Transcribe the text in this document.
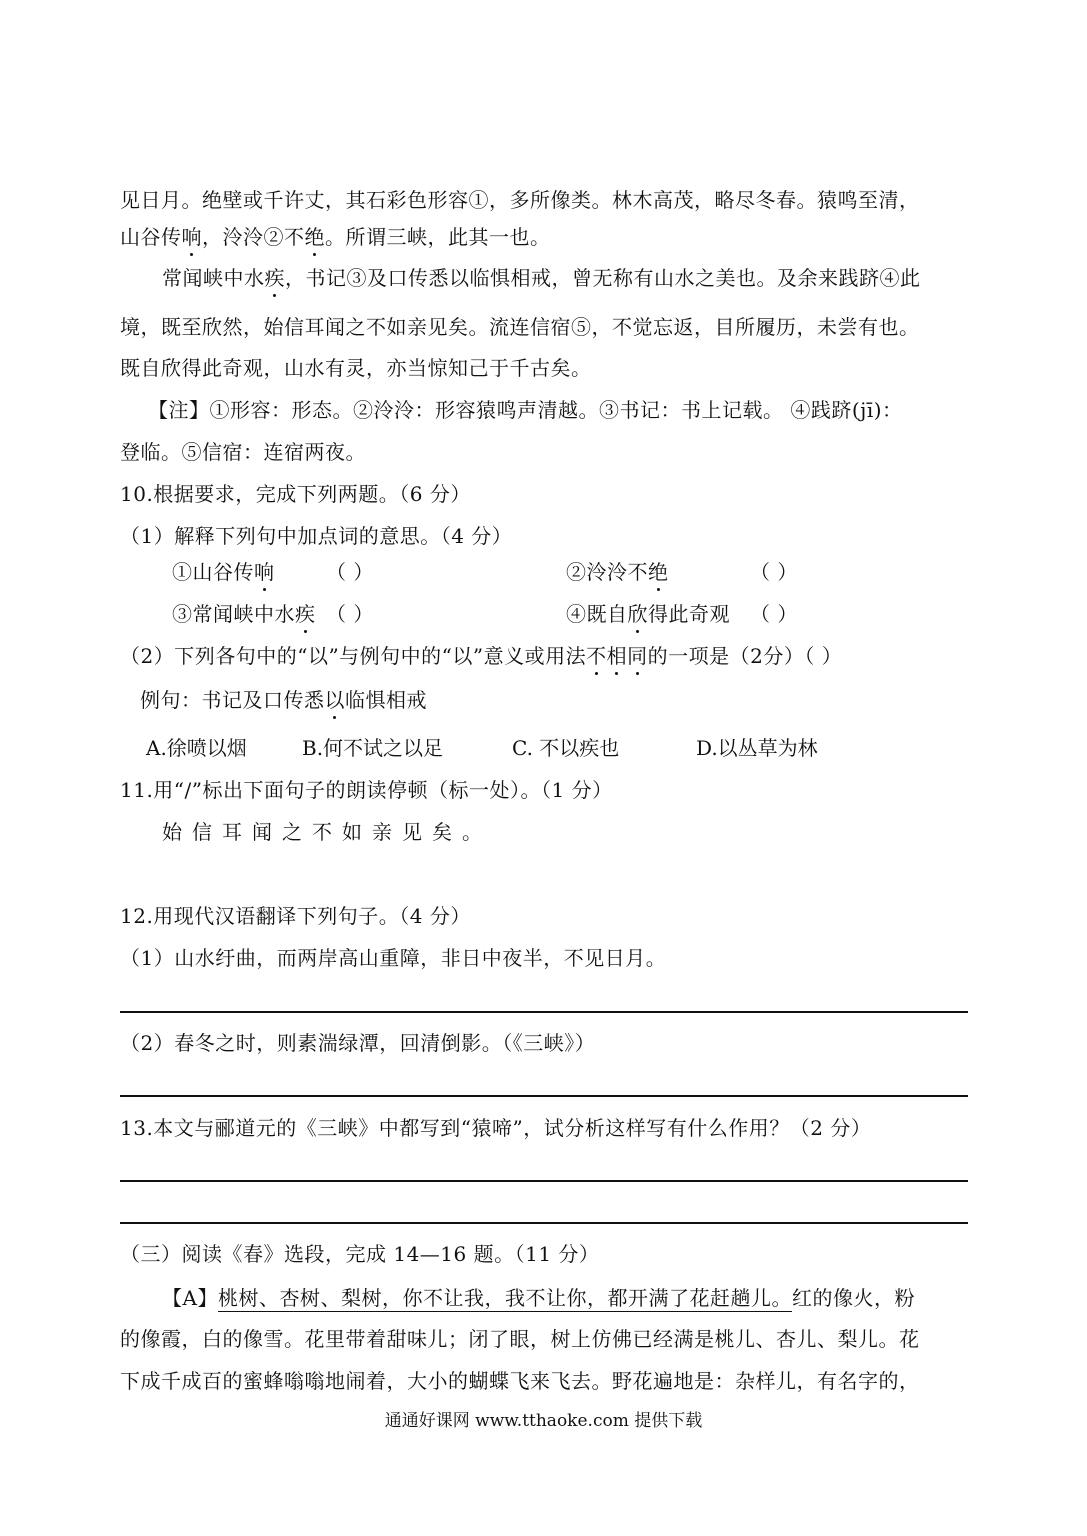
见日月。绝壁或千许丈，其石彩色形容①，多所像类。林木高茂，略尽冬春。猿鸣至清，
山谷传响，泠泠②不绝。所谓三峡，此其一也。
常闻峡中水疾，书记③及口传悉以临惧相戒，曾无称有山水之美也。及余来践跻④此
境，既至欣然，始信耳闻之不如亲见矣。流连信宿⑤，不觉忘返，目所履历，未尝有也。
既自欣得此奇观，山水有灵，亦当惊知己于千古矣。
【注】①形容：形态。②泠泠：形容猿鸣声清越。③书记：书上记载。 ④践跻(jī)：
登临。⑤信宿：连宿两夜。
10.根据要求，完成下列两题。（6 分）
（1）解释下列句中加点词的意思。（4 分）
①山谷传响	（ ）	②泠泠不绝	（ ）
③常闻峡中水疾 （ ）	④既自欣得此奇观 （ ）
（2）下列各句中的“以”与例句中的“以”意义或用法不相同的一项是（2分）（ ）
例句：书记及口传悉以临惧相戒
A.徐喷以烟	B.何不试之以足	C. 不以疾也	D.以丛草为林
11.用“/”标出下面句子的朗读停顿（标一处）。（1 分）
始信耳闻之不如亲见矣。
12.用现代汉语翻译下列句子。（4 分）
（1）山水纡曲，而两岸高山重障，非日中夜半，不见日月。
（2）春冬之时，则素湍绿潭，回清倒影。（《三峡》）
13.本文与郦道元的《三峡》中都写到“猿啼”，试分析这样写有什么作用？（2 分）
（三）阅读《春》选段，完成 14—16 题。（11 分）
【A】桃树、杏树、梨树，你不让我，我不让你，都开满了花赶趟儿。红的像火，粉
的像霞，白的像雪。花里带着甜味儿；闭了眼，树上仿佛已经满是桃儿、杏儿、梨儿。花
下成千成百的蜜蜂嗡嗡地闹着，大小的蝴蝶飞来飞去。野花遍地是：杂样儿，有名字的，
通通好课网 www.tthaoke.com 提供下载
